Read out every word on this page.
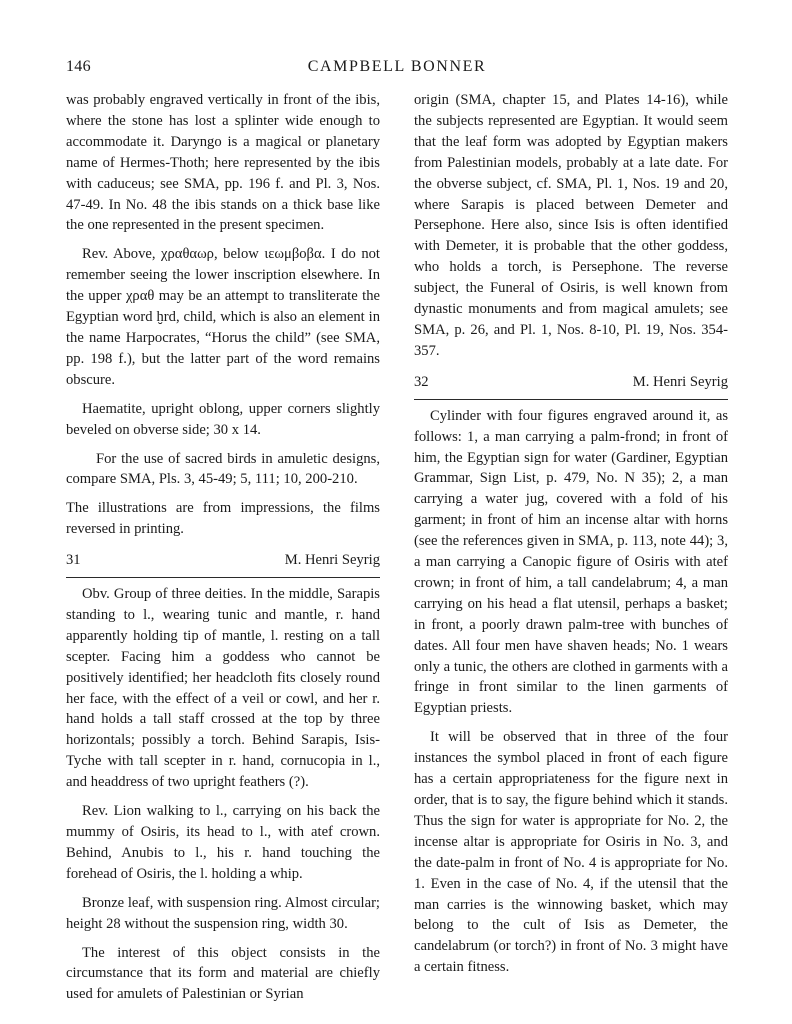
146	CAMPBELL BONNER

was probably engraved vertically in front of the ibis, where the stone has lost a splinter wide enough to accommodate it. Daryngo is a magical or planetary name of Hermes-Thoth; here represented by the ibis with caduceus; see SMA, pp. 196 f. and Pl. 3, Nos. 47-49. In No. 48 the ibis stands on a thick base like the one represented in the present specimen.

Rev. Above, χραθαωρ, below ιεωμβοβα. I do not remember seeing the lower inscription elsewhere. In the upper χραθ may be an attempt to transliterate the Egyptian word ḫrd, child, which is also an element in the name Harpocrates, “Horus the child” (see SMA, pp. 198 f.), but the latter part of the word remains obscure.

Haematite, upright oblong, upper corners slightly beveled on obverse side; 30 x 14.

For the use of sacred birds in amuletic designs, compare SMA, Pls. 3, 45-49; 5, 111; 10, 200-210.

The illustrations are from impressions, the films reversed in printing.

31	M. Henri Seyrig

Obv. Group of three deities. In the middle, Sarapis standing to l., wearing tunic and mantle, r. hand apparently holding tip of mantle, l. resting on a tall scepter. Facing him a goddess who cannot be positively identified; her headcloth fits closely round her face, with the effect of a veil or cowl, and her r. hand holds a tall staff crossed at the top by three horizontals; possibly a torch. Behind Sarapis, Isis-Tyche with tall scepter in r. hand, cornucopia in l., and headdress of two upright feathers (?).

Rev. Lion walking to l., carrying on his back the mummy of Osiris, its head to l., with atef crown. Behind, Anubis to l., his r. hand touching the forehead of Osiris, the l. holding a whip.

Bronze leaf, with suspension ring. Almost circular; height 28 without the suspension ring, width 30.

The interest of this object consists in the circumstance that its form and material are chiefly used for amulets of Palestinian or Syrian

origin (SMA, chapter 15, and Plates 14-16), while the subjects represented are Egyptian. It would seem that the leaf form was adopted by Egyptian makers from Palestinian models, probably at a late date. For the obverse subject, cf. SMA, Pl. 1, Nos. 19 and 20, where Sarapis is placed between Demeter and Persephone. Here also, since Isis is often identified with Demeter, it is probable that the other goddess, who holds a torch, is Persephone. The reverse subject, the Funeral of Osiris, is well known from dynastic monuments and from magical amulets; see SMA, p. 26, and Pl. 1, Nos. 8-10, Pl. 19, Nos. 354-357.

32	M. Henri Seyrig

Cylinder with four figures engraved around it, as follows: 1, a man carrying a palm-frond; in front of him, the Egyptian sign for water (Gardiner, Egyptian Grammar, Sign List, p. 479, No. N 35); 2, a man carrying a water jug, covered with a fold of his garment; in front of him an incense altar with horns (see the references given in SMA, p. 113, note 44); 3, a man carrying a Canopic figure of Osiris with atef crown; in front of him, a tall candelabrum; 4, a man carrying on his head a flat utensil, perhaps a basket; in front, a poorly drawn palm-tree with bunches of dates. All four men have shaven heads; No. 1 wears only a tunic, the others are clothed in garments with a fringe in front similar to the linen garments of Egyptian priests.

It will be observed that in three of the four instances the symbol placed in front of each figure has a certain appropriateness for the figure next in order, that is to say, the figure behind which it stands. Thus the sign for water is appropriate for No. 2, the incense altar is appropriate for Osiris in No. 3, and the date-palm in front of No. 4 is appropriate for No. 1. Even in the case of No. 4, if the utensil that the man carries is the winnowing basket, which may belong to the cult of Isis as Demeter, the candelabrum (or torch?) in front of No. 3 might have a certain fitness.
